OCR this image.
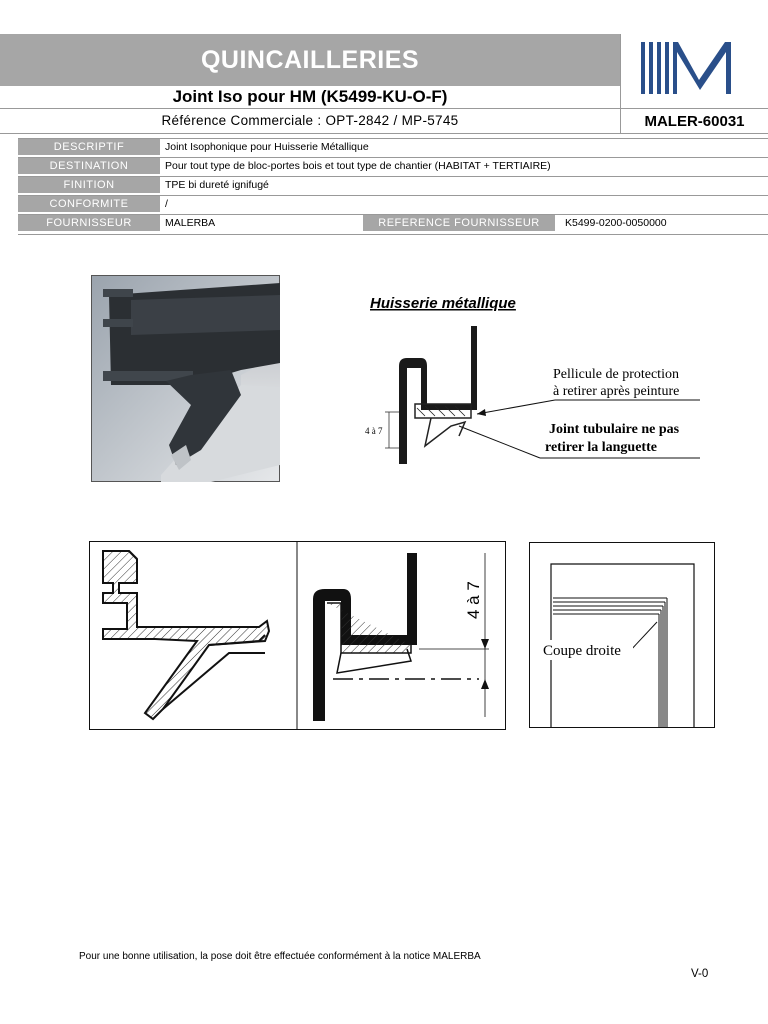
QUINCAILLERIES
Joint Iso pour HM (K5499-KU-O-F)
Référence Commerciale : OPT-2842 / MP-5745	MALER-60031
DESCRIPTIF	Joint Isophonique pour Huisserie Métallique
DESTINATION	Pour tout type de bloc-portes bois et tout type de chantier (HABITAT + TERTIAIRE)
FINITION	TPE bi dureté ignifugé
CONFORMITE	/
FOURNISSEUR	MALERBA	REFERENCE FOURNISSEUR	K5499-0200-0050000
Huisserie métallique
4 à 7
Pellicule de protection
à retirer après peinture
Joint tubulaire ne pas
retirer la languette
4 à 7
Coupe droite
Pour une bonne utilisation, la pose doit être effectuée conformément à la notice MALERBA
V-0
